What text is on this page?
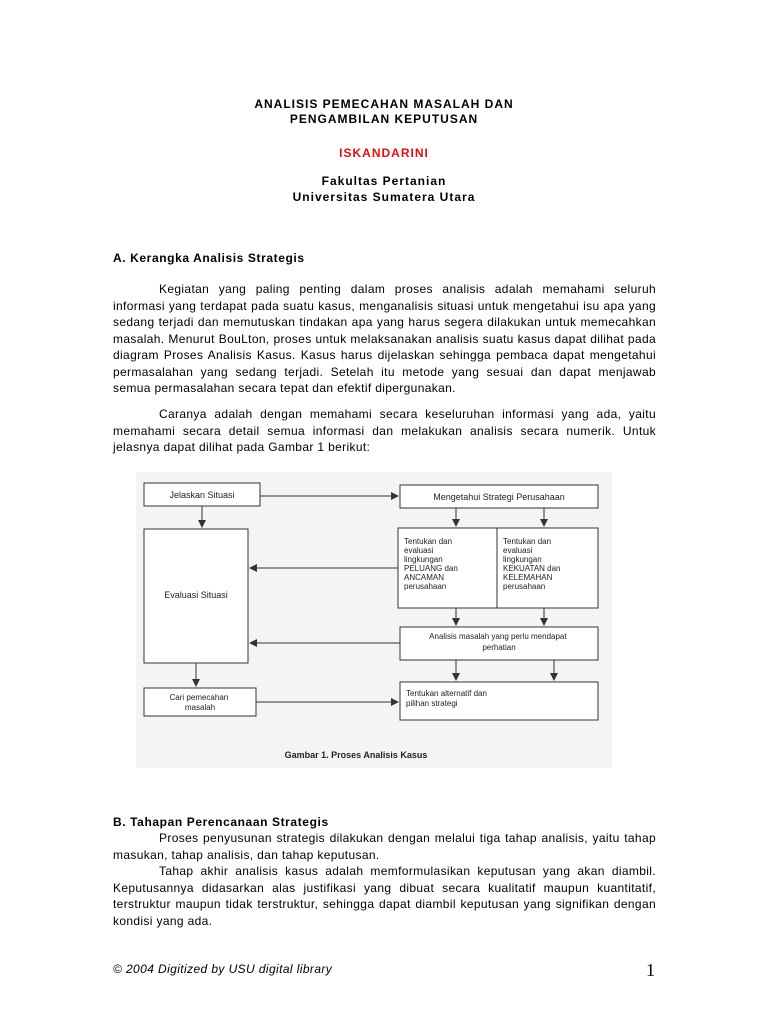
ANALISIS PEMECAHAN MASALAH DAN
PENGAMBILAN KEPUTUSAN
ISKANDARINI
Fakultas Pertanian
Universitas Sumatera Utara
A. Kerangka Analisis Strategis

Kegiatan yang paling penting dalam proses analisis adalah memahami seluruh informasi yang terdapat pada suatu kasus, menganalisis situasi untuk mengetahui isu apa yang sedang terjadi dan memutuskan tindakan apa yang harus segera dilakukan untuk memecahkan masalah. Menurut BouLton, proses untuk melaksanakan analisis suatu kasus dapat dilihat pada diagram Proses Analisis Kasus. Kasus harus dijelaskan sehingga pembaca dapat mengetahui permasalahan yang sedang terjadi. Setelah itu metode yang sesuai dan dapat menjawab semua permasalahan secara tepat dan efektif dipergunakan.

Caranya adalah dengan memahami secara keseluruhan informasi yang ada, yaitu memahami secara detail semua informasi dan melakukan analisis secara numerik. Untuk jelasnya dapat dilihat pada Gambar 1 berikut:

Jelaskan Situasi	Mengetahui Strategi Perusahaan
Evaluasi Situasi
Tentukan dan evaluasi lingkungan PELUANG dan ANCAMAN perusahaan
Tentukan dan evaluasi lingkungan KEKUATAN dan KELEMAHAN perusahaan
Analisis masalah yang perlu mendapat perhatian
Cari pemecahan masalah
Tentukan alternatif dan pilihan strategi
Gambar 1. Proses Analisis Kasus
B. Tahapan Perencanaan Strategis

Proses penyusunan strategis dilakukan dengan melalui tiga tahap analisis, yaitu tahap masukan, tahap analisis, dan tahap keputusan.

Tahap akhir analisis kasus adalah memformulasikan keputusan yang akan diambil. Keputusannya didasarkan alas justifikasi yang dibuat secara kualitatif maupun kuantitatif, terstruktur maupun tidak terstruktur, sehingga dapat diambil keputusan yang signifikan dengan kondisi yang ada.

© 2004 Digitized by USU digital library	1
